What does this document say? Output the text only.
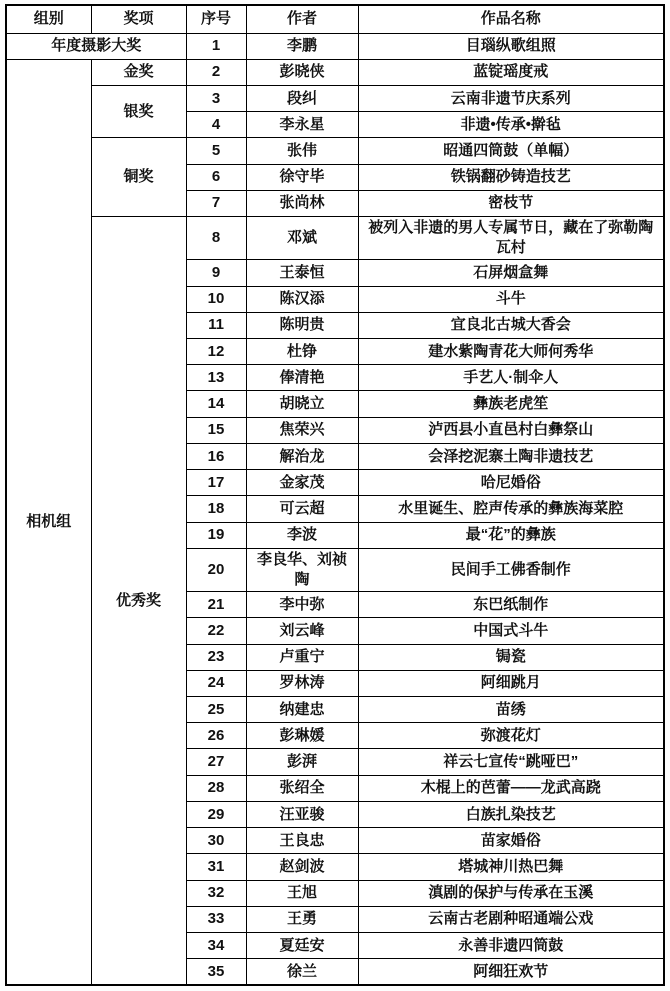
组别	奖项	序号	作者	作品名称
年度摄影大奖		1	李鹏	目瑙纵歌组照
相机组	金奖	2	彭晓侠	蓝锭瑶度戒
	银奖	3	段纠	云南非遗节庆系列
		4	李永星	非遗•传承•擀毡
	铜奖	5	张伟	昭通四筒鼓（单幅）
		6	徐守毕	铁锅翻砂铸造技艺
		7	张尚林	密枝节
	优秀奖	8	邓斌	被列入非遗的男人专属节日，藏在了弥勒陶瓦村
		9	王泰恒	石屏烟盒舞
		10	陈汉添	斗牛
		11	陈明贵	宜良北古城大香会
		12	杜铮	建水紫陶青花大师何秀华
		13	俸清艳	手艺人·制伞人
		14	胡晓立	彝族老虎笙
		15	焦荣兴	泸西县小直邑村白彝祭山
		16	解治龙	会泽挖泥寨土陶非遗技艺
		17	金家茂	哈尼婚俗
		18	可云超	水里诞生、腔声传承的彝族海菜腔
		19	李波	最“花”的彝族
		20	李良华、刘祯陶	民间手工佛香制作
		21	李中弥	东巴纸制作
		22	刘云峰	中国式斗牛
		23	卢重宁	锔瓷
		24	罗林涛	阿细跳月
		25	纳建忠	苗绣
		26	彭琳媛	弥渡花灯
		27	彭湃	祥云七宣传“跳哑巴”
		28	张绍全	木棍上的芭蕾——龙武高跷
		29	汪亚骏	白族扎染技艺
		30	王良忠	苗家婚俗
		31	赵剑波	塔城神川热巴舞
		32	王旭	滇剧的保护与传承在玉溪
		33	王勇	云南古老剧种昭通端公戏
		34	夏廷安	永善非遗四筒鼓
		35	徐兰	阿细狂欢节
